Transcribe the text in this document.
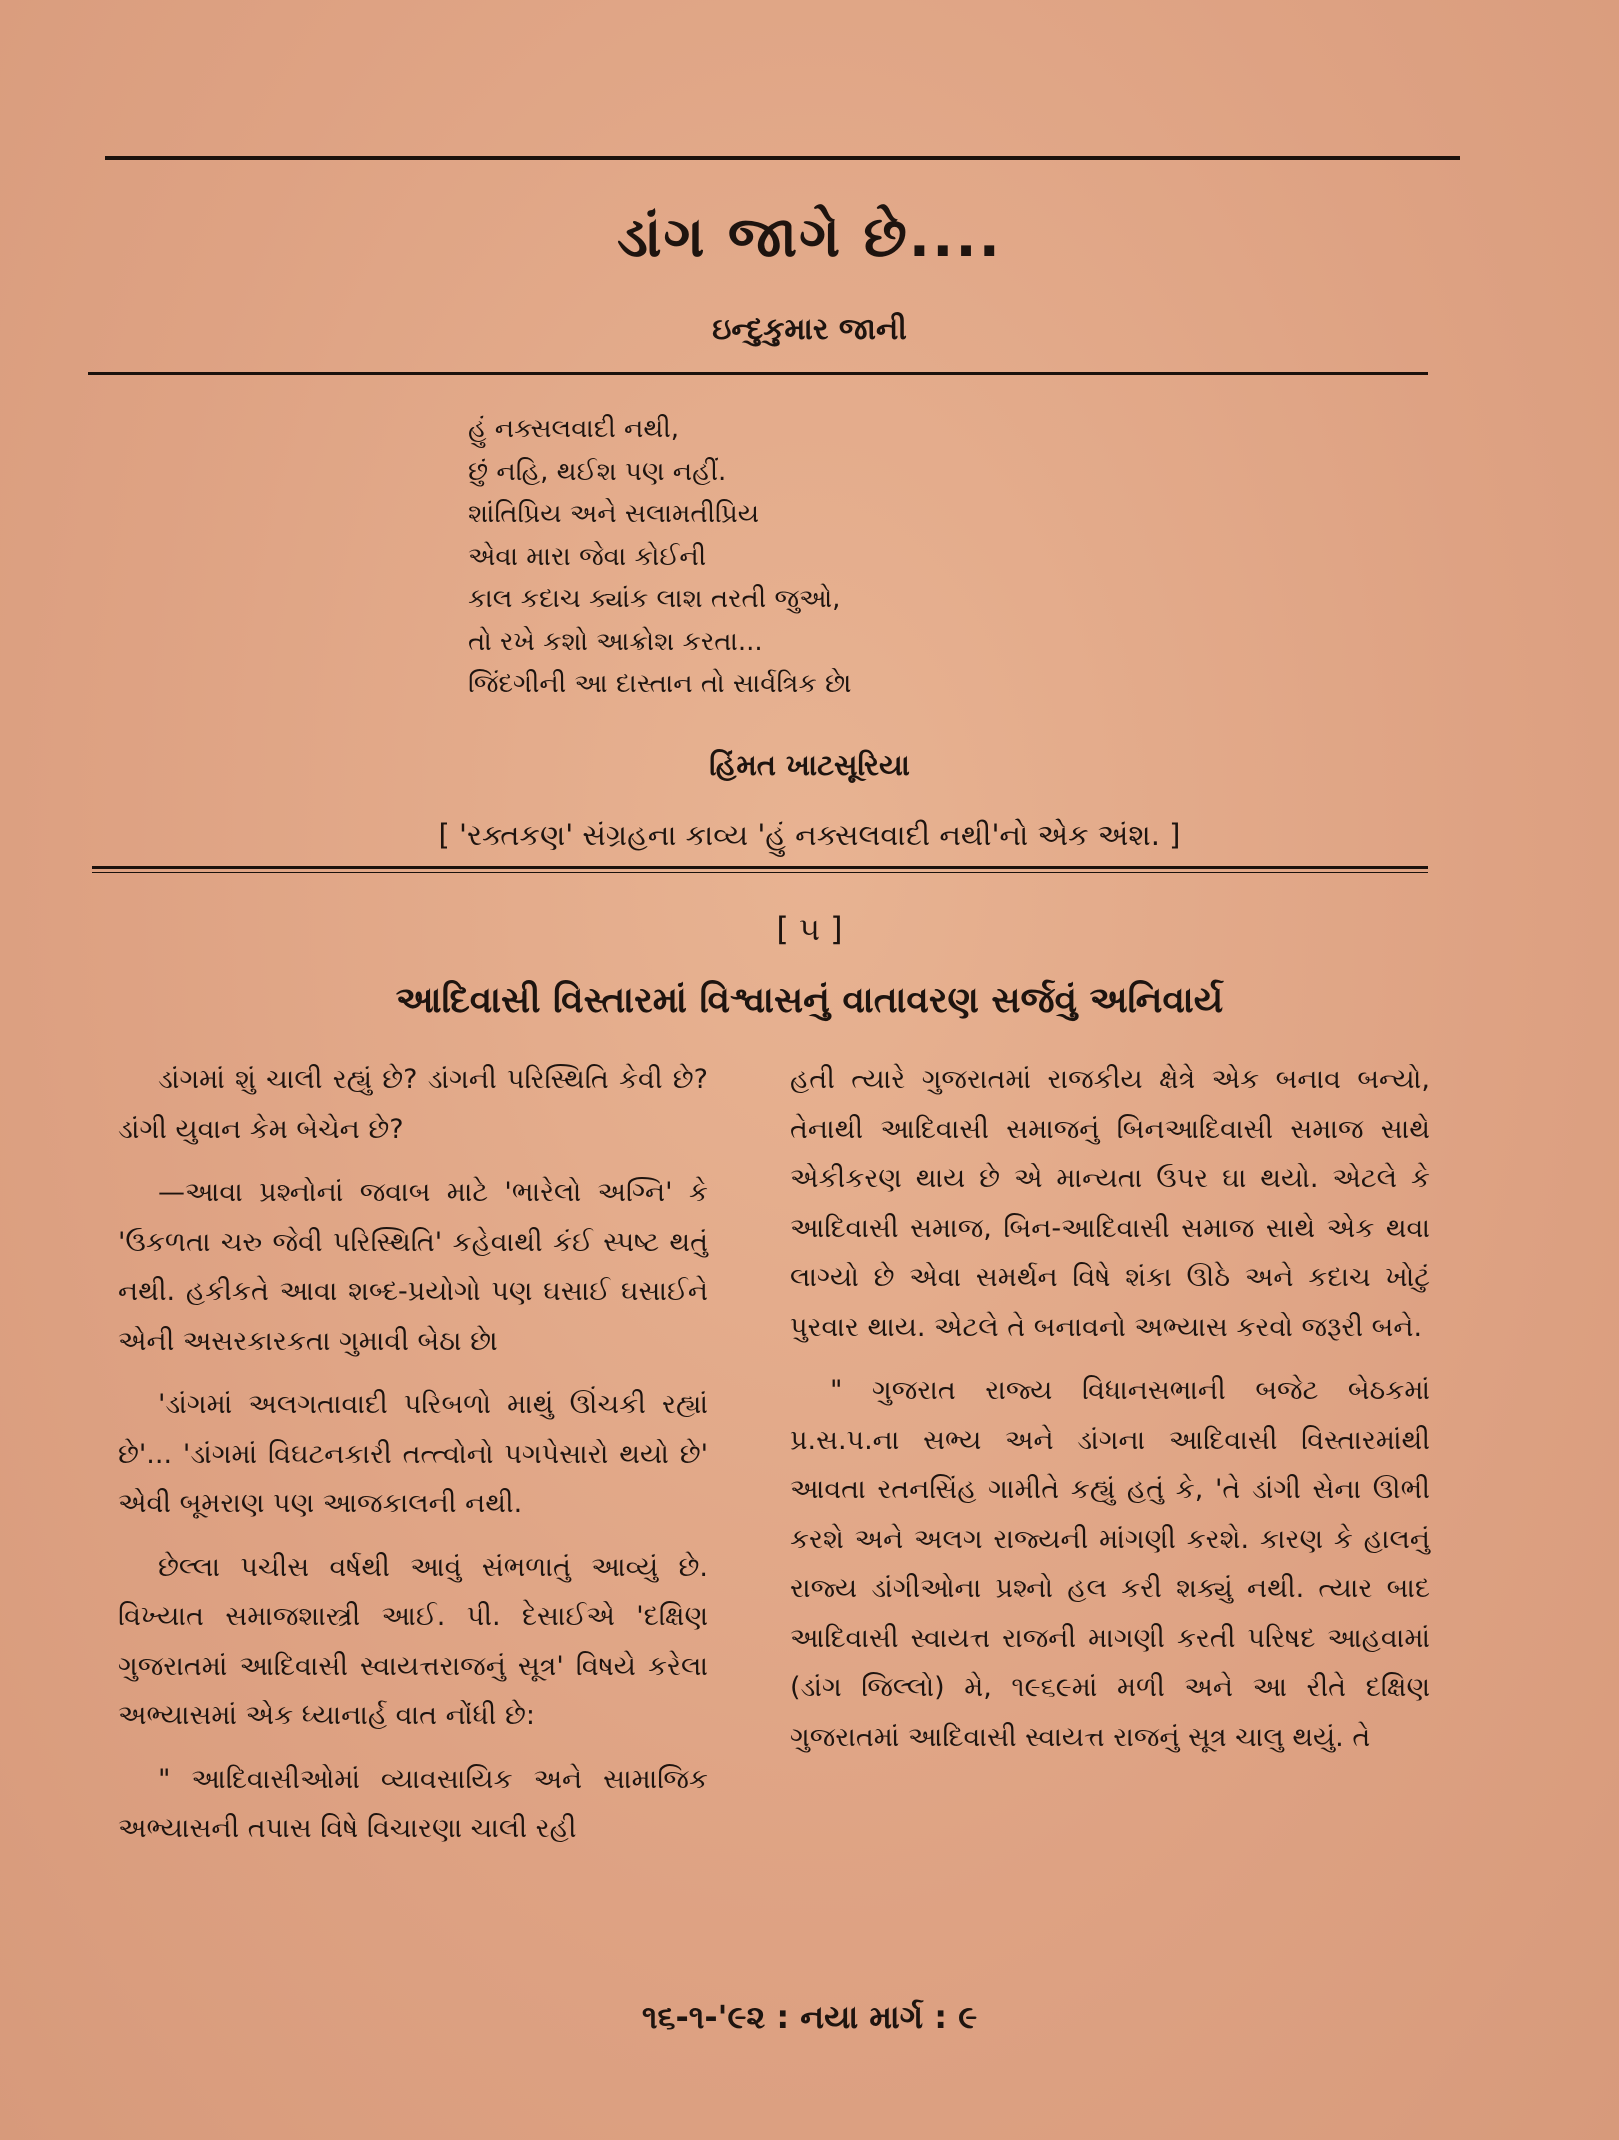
ડાંગ જાગે છે....
ઇન્દુકુમાર જાની
હું નક્સલવાદી નથી,
છું નહિ, થઈશ પણ નહીં.
શાંતિપ્રિય અને સલામતીપ્રિય
એવા મારા જેવા કોઈની
કાલ કદાચ ક્યાંક લાશ તરતી જુઓ,
તો રખે કશો આક્રોશ કરતા...
જિંદગીની આ દાસ્તાન તો સાર્વત્રિક છે।
હિંમત ખાટસૂરિયા
[ 'રક્તકણ' સંગ્રહના કાવ્ય 'હું નક્સલવાદી નથી'નો એક અંશ. ]
[ ૫ ]
આદિવાસી વિસ્તારમાં વિશ્વાસનું વાતાવરણ સર્જવું અનિવાર્ય

ડાંગમાં શું ચાલી રહ્યું છે? ડાંગની પરિસ્થિતિ કેવી છે? ડાંગી યુવાન કેમ બેચેન છે?

—આવા પ્રશ્નોનાં જવાબ માટે 'ભારેલો અગ્નિ' કે 'ઉકળતા ચરુ જેવી પરિસ્થિતિ' કહેવાથી કંઈ સ્પષ્ટ થતું નથી. હકીકતે આવા શબ્દ-પ્રયોગો પણ ઘસાઈ ઘસાઈને એની અસરકારકતા ગુમાવી બેઠા છે।

'ડાંગમાં અલગતાવાદી પરિબળો માથું ઊંચકી રહ્યાં છે'... 'ડાંગમાં વિઘટનકારી તત્ત્વોનો પગપેસારો થયો છે' એવી બૂમરાણ પણ આજકાલની નથી.

છેલ્લા પચીસ વર્ષથી આવું સંભળાતું આવ્યું છે. વિખ્યાત સમાજશાસ્ત્રી આઈ. પી. દેસાઈએ 'દક્ષિણ ગુજરાતમાં આદિવાસી સ્વાયત્તરાજનું સૂત્ર' વિષયે કરેલા અભ્યાસમાં એક ધ્યાનાર્હ વાત નોંધી છે:

" આદિવાસીઓમાં વ્યાવસાયિક અને સામાજિક અભ્યાસની તપાસ વિષે વિચારણા ચાલી રહી

હતી ત્યારે ગુજરાતમાં રાજકીય ક્ષેત્રે એક બનાવ બન્યો, તેનાથી આદિવાસી સમાજનું બિનઆદિવાસી સમાજ સાથે એકીકરણ થાય છે એ માન્યતા ઉપર ઘા થયો. એટલે કે આદિવાસી સમાજ, બિન-આદિવાસી સમાજ સાથે એક થવા લાગ્યો છે એવા સમર્થન વિષે શંકા ઊઠે અને કદાચ ખોટું પુરવાર થાય. એટલે તે બનાવનો અભ્યાસ કરવો જરૂરી બને.

" ગુજરાત રાજ્ય વિધાનસભાની બજેટ બેઠકમાં પ્ર.સ.પ.ના સભ્ય અને ડાંગના આદિવાસી વિસ્તારમાંથી આવતા રતનસિંહ ગામીતે કહ્યું હતું કે, 'તે ડાંગી સેના ઊભી કરશે અને અલગ રાજ્યની માંગણી કરશે. કારણ કે હાલનું રાજ્ય ડાંગીઓના પ્રશ્નો હલ કરી શક્યું નથી. ત્યાર બાદ આદિવાસી સ્વાયત્ત રાજની માગણી કરતી પરિષદ આહવામાં (ડાંગ જિલ્લો) મે, ૧૯૬૯માં મળી અને આ રીતે દક્ષિણ ગુજરાતમાં આદિવાસી સ્વાયત્ત રાજનું સૂત્ર ચાલુ થયું. તે

૧૬-૧-'૯૨ : નયા માર્ગ : ૯
